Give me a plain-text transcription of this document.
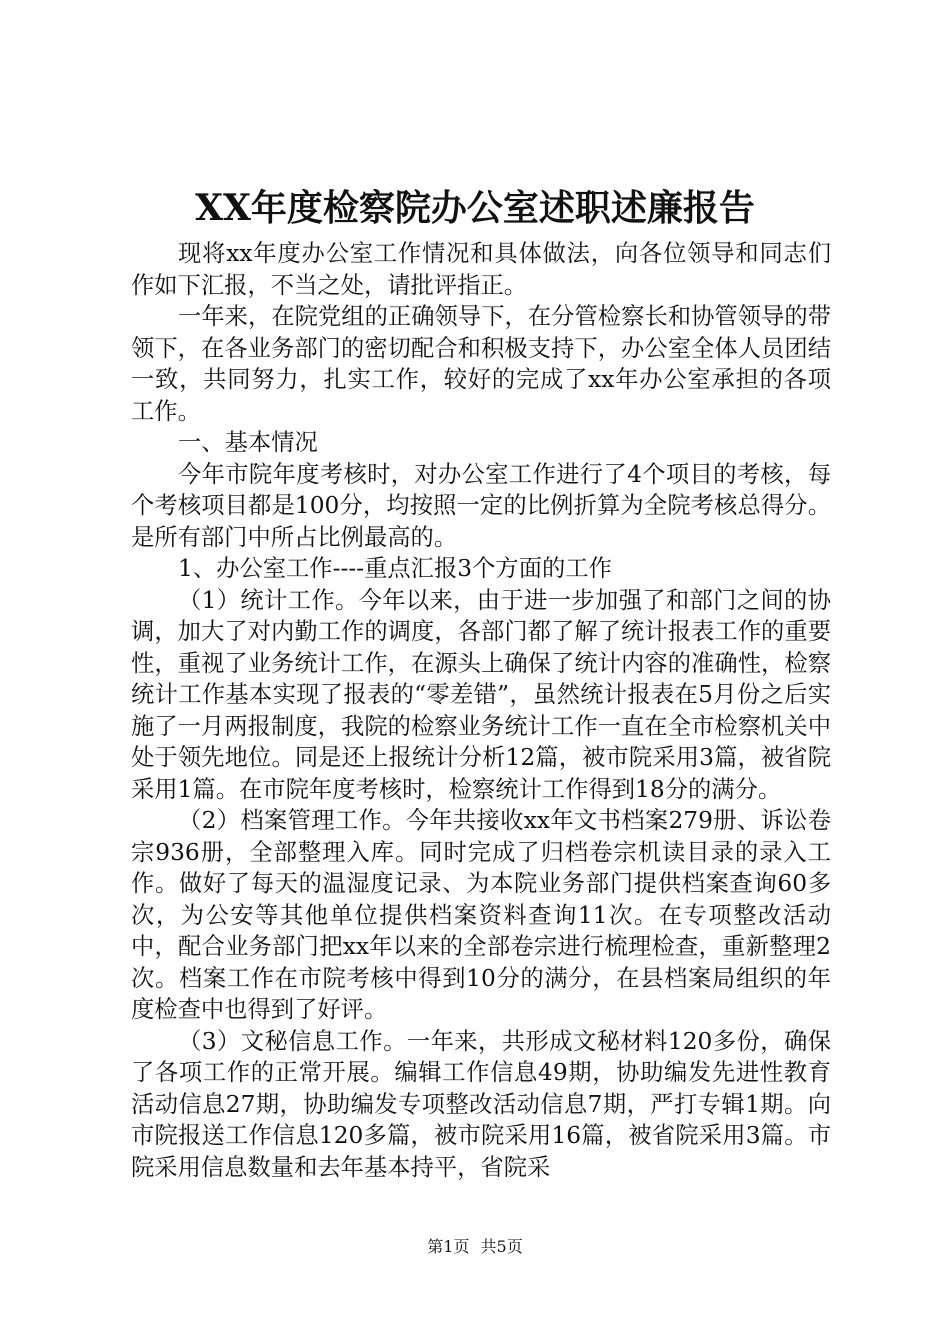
XX年度检察院办公室述职述廉报告

现将xx年度办公室工作情况和具体做法，向各位领导和同志们作如下汇报，不当之处，请批评指正。

一年来，在院党组的正确领导下，在分管检察长和协管领导的带领下，在各业务部门的密切配合和积极支持下，办公室全体人员团结一致，共同努力，扎实工作，较好的完成了xx年办公室承担的各项工作。

一、基本情况

今年市院年度考核时，对办公室工作进行了4个项目的考核，每个考核项目都是100分，均按照一定的比例折算为全院考核总得分。是所有部门中所占比例最高的。

1、办公室工作----重点汇报3个方面的工作

（1）统计工作。今年以来，由于进一步加强了和部门之间的协调，加大了对内勤工作的调度，各部门都了解了统计报表工作的重要性，重视了业务统计工作，在源头上确保了统计内容的准确性，检察统计工作基本实现了报表的“零差错”，虽然统计报表在5月份之后实施了一月两报制度，我院的检察业务统计工作一直在全市检察机关中处于领先地位。同是还上报统计分析12篇，被市院采用3篇，被省院采用1篇。在市院年度考核时，检察统计工作得到18分的满分。

（2）档案管理工作。今年共接收xx年文书档案279册、诉讼卷宗936册，全部整理入库。同时完成了归档卷宗机读目录的录入工作。做好了每天的温湿度记录、为本院业务部门提供档案查询60多次，为公安等其他单位提供档案资料查询11次。在专项整改活动中，配合业务部门把xx年以来的全部卷宗进行梳理检查，重新整理2次。档案工作在市院考核中得到10分的满分，在县档案局组织的年度检查中也得到了好评。

（3）文秘信息工作。一年来，共形成文秘材料120多份，确保了各项工作的正常开展。编辑工作信息49期，协助编发先进性教育活动信息27期，协助编发专项整改活动信息7期，严打专辑1期。向市院报送工作信息120多篇，被市院采用16篇，被省院采用3篇。市院采用信息数量和去年基本持平，省院采

第1页 共5页
